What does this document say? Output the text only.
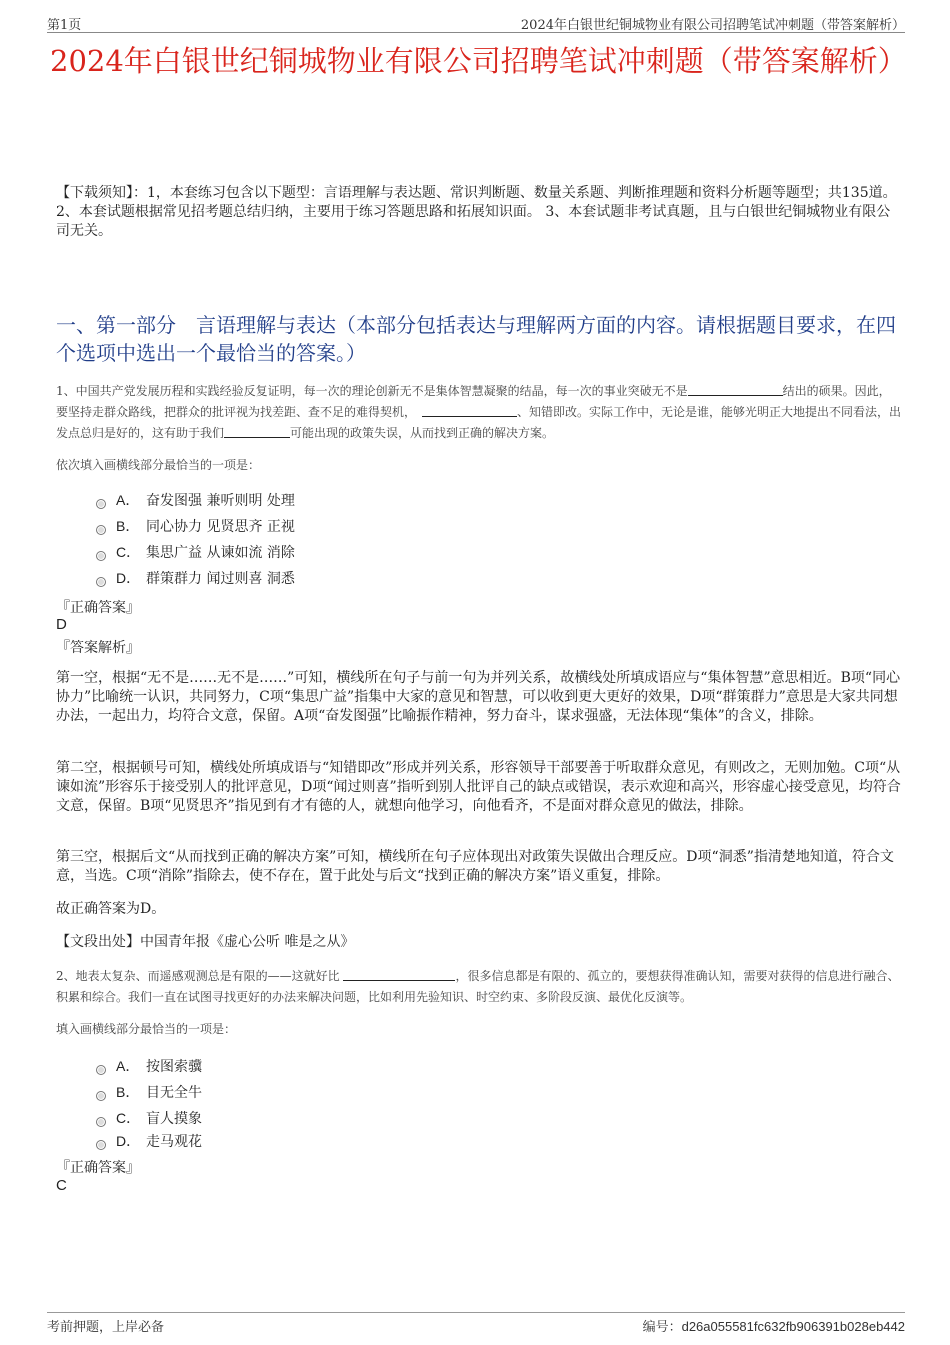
第1页	2024年白银世纪铜城物业有限公司招聘笔试冲刺题（带答案解析）
2024年白银世纪铜城物业有限公司招聘笔试冲刺题（带答案解析）
【下载须知】：1，本套练习包含以下题型：言语理解与表达题、常识判断题、数量关系题、判断推理题和资料分析题等题型；共135道。 2、本套试题根据常见招考题总结归纳，主要用于练习答题思路和拓展知识面。 3、本套试题非考试真题，且与白银世纪铜城物业有限公司无关。
一、第一部分　言语理解与表达（本部分包括表达与理解两方面的内容。请根据题目要求，在四个选项中选出一个最恰当的答案。）
1、中国共产党发展历程和实践经验反复证明，每一次的理论创新无不是集体智慧凝聚的结晶，每一次的事业突破无不是	结出的硕果。因此，要坚持走群众路线，把群众的批评视为找差距、查不足的难得契机，　	、知错即改。实际工作中，无论是谁，能够光明正大地提出不同看法，出发点总归是好的，这有助于我们	可能出现的政策失误，从而找到正确的解决方案。
依次填入画横线部分最恰当的一项是：
A． 奋发图强 兼听则明 处理
B． 同心协力 见贤思齐 正视
C． 集思广益 从谏如流 消除
D． 群策群力 闻过则喜 洞悉
『正确答案』
D
『答案解析』
第一空，根据“无不是……无不是……”可知，横线所在句子与前一句为并列关系，故横线处所填成语应与“集体智慧”意思相近。B项“同心协力”比喻统一认识，共同努力，C项“集思广益”指集中大家的意见和智慧，可以收到更大更好的效果，D项“群策群力”意思是大家共同想办法，一起出力，均符合文意，保留。A项“奋发图强”比喻振作精神，努力奋斗，谋求强盛，无法体现“集体”的含义，排除。
第二空，根据顿号可知，横线处所填成语与“知错即改”形成并列关系，形容领导干部要善于听取群众意见，有则改之，无则加勉。C项“从谏如流”形容乐于接受别人的批评意见，D项“闻过则喜”指听到别人批评自己的缺点或错误，表示欢迎和高兴，形容虚心接受意见，均符合文意，保留。B项“见贤思齐”指见到有才有德的人，就想向他学习，向他看齐，不是面对群众意见的做法，排除。
第三空，根据后文“从而找到正确的解决方案”可知，横线所在句子应体现出对政策失误做出合理反应。D项“洞悉”指清楚地知道，符合文意，当选。C项“消除”指除去，使不存在，置于此处与后文“找到正确的解决方案”语义重复，排除。
故正确答案为D。
【文段出处】中国青年报《虚心公听 唯是之从》
2、地表太复杂、而遥感观测总是有限的——这就好比	，很多信息都是有限的、孤立的，要想获得准确认知，需要对获得的信息进行融合、积累和综合。我们一直在试图寻找更好的办法来解决问题，比如利用先验知识、时空约束、多阶段反演、最优化反演等。
填入画横线部分最恰当的一项是：
A． 按图索骥
B． 目无全牛
C． 盲人摸象
D． 走马观花
『正确答案』
C
考前押题，上岸必备	编号：d26a055581fc632fb906391b028eb442
